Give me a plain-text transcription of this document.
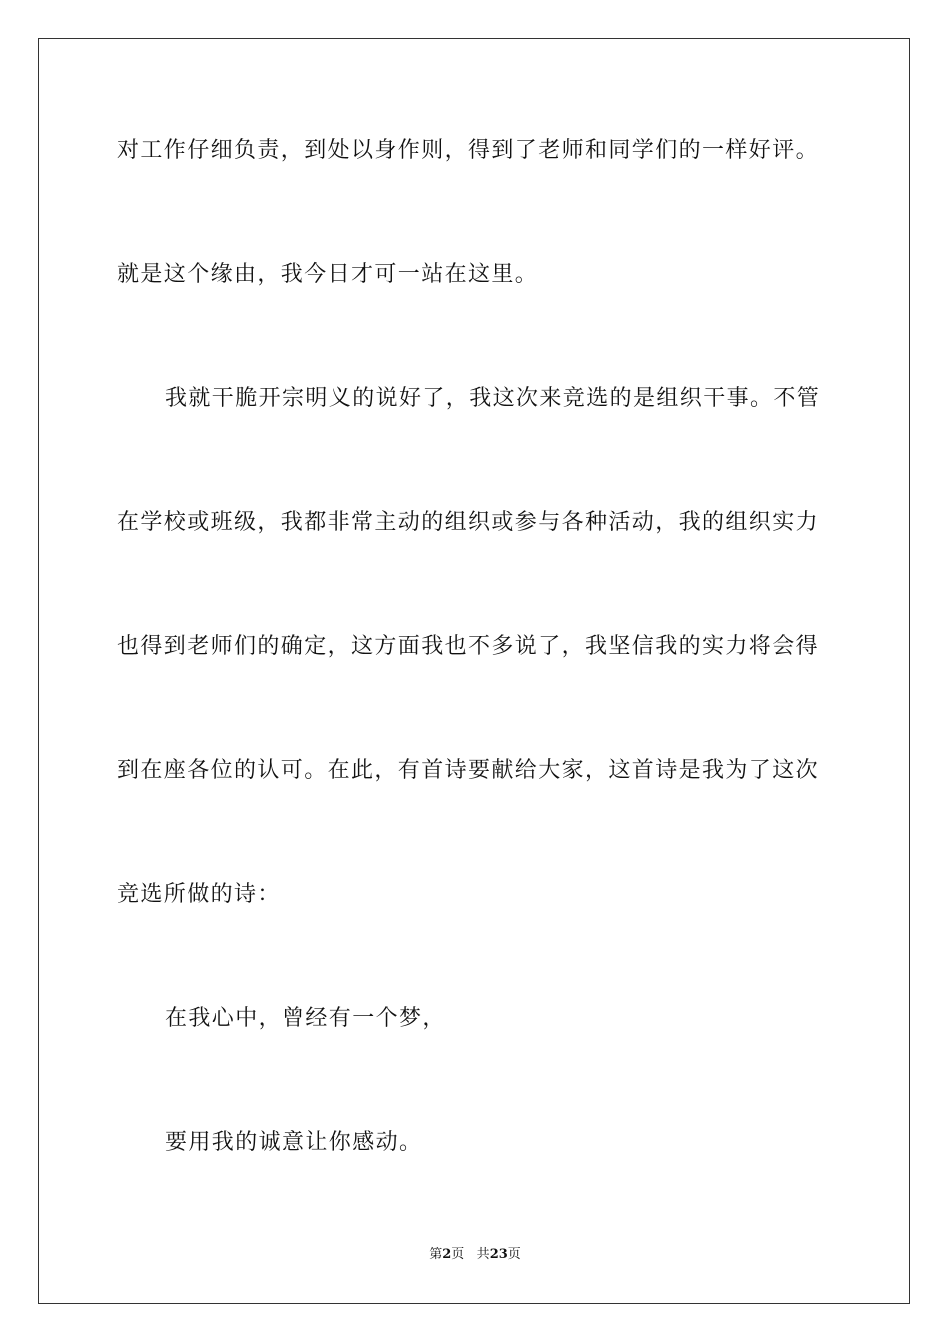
对工作仔细负责，到处以身作则，得到了老师和同学们的一样好评。
就是这个缘由，我今日才可一站在这里。
我就干脆开宗明义的说好了，我这次来竞选的是组织干事。不管
在学校或班级，我都非常主动的组织或参与各种活动，我的组织实力
也得到老师们的确定，这方面我也不多说了，我坚信我的实力将会得
到在座各位的认可。在此，有首诗要献给大家，这首诗是我为了这次
竞选所做的诗：
在我心中，曾经有一个梦，
要用我的诚意让你感动。
第2页 共23页
